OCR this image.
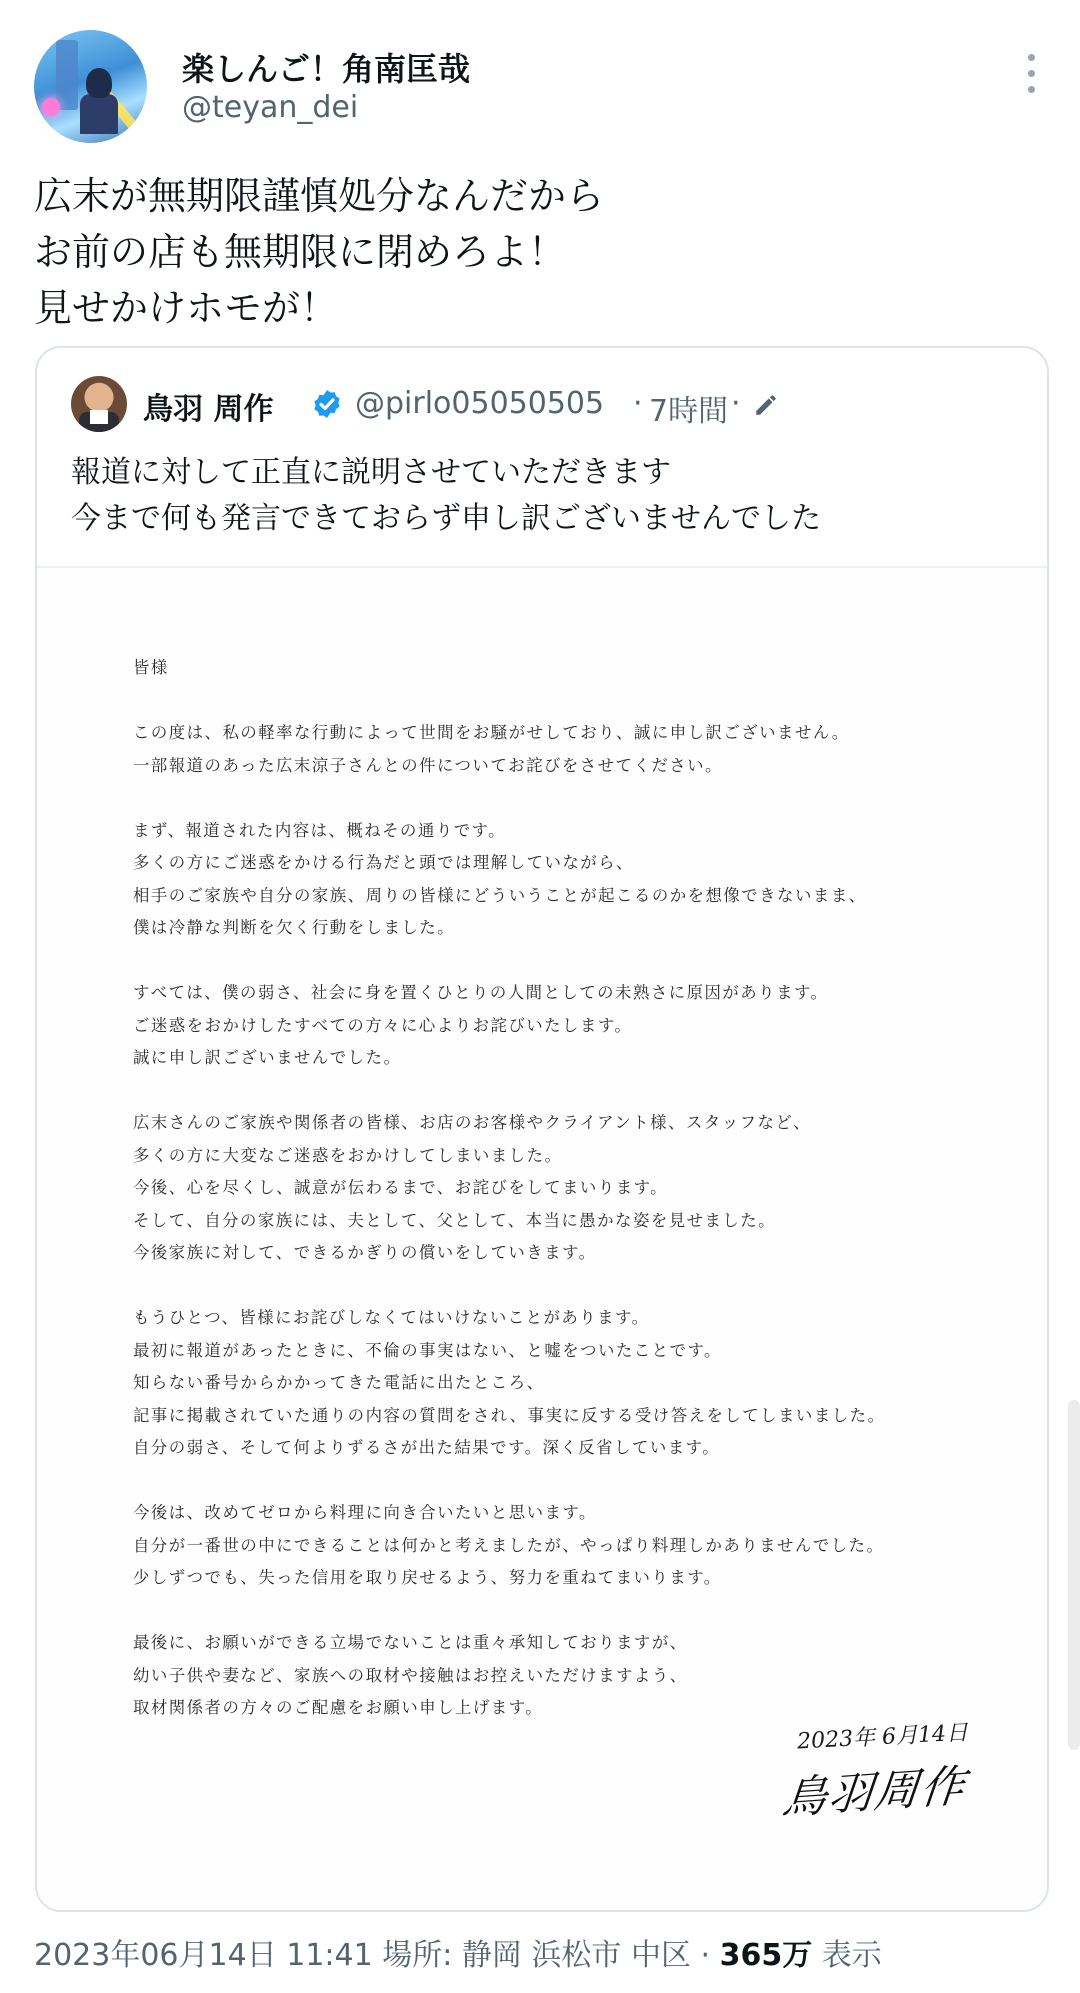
楽しんご！角南匡哉
@teyan_dei
広末が無期限謹慎処分なんだから
お前の店も無期限に閉めろよ！
見せかけホモが！
鳥羽 周作	@pirlo05050505 · 7時間 ·
報道に対して正直に説明させていただきます
今まで何も発言できておらず申し訳ございませんでした
皆様
この度は、私の軽率な行動によって世間をお騒がせしており、誠に申し訳ございません。
一部報道のあった広末涼子さんとの件についてお詫びをさせてください。
まず、報道された内容は、概ねその通りです。
多くの方にご迷惑をかける行為だと頭では理解していながら、
相手のご家族や自分の家族、周りの皆様にどういうことが起こるのかを想像できないまま、
僕は冷静な判断を欠く行動をしました。
すべては、僕の弱さ、社会に身を置くひとりの人間としての未熟さに原因があります。
ご迷惑をおかけしたすべての方々に心よりお詫びいたします。
誠に申し訳ございませんでした。
広末さんのご家族や関係者の皆様、お店のお客様やクライアント様、スタッフなど、
多くの方に大変なご迷惑をおかけしてしまいました。
今後、心を尽くし、誠意が伝わるまで、お詫びをしてまいります。
そして、自分の家族には、夫として、父として、本当に愚かな姿を見せました。
今後家族に対して、できるかぎりの償いをしていきます。
もうひとつ、皆様にお詫びしなくてはいけないことがあります。
最初に報道があったときに、不倫の事実はない、と嘘をついたことです。
知らない番号からかかってきた電話に出たところ、
記事に掲載されていた通りの内容の質問をされ、事実に反する受け答えをしてしまいました。
自分の弱さ、そして何よりずるさが出た結果です。深く反省しています。
今後は、改めてゼロから料理に向き合いたいと思います。
自分が一番世の中にできることは何かと考えましたが、やっぱり料理しかありませんでした。
少しずつでも、失った信用を取り戻せるよう、努力を重ねてまいります。
最後に、お願いができる立場でないことは重々承知しておりますが、
幼い子供や妻など、家族への取材や接触はお控えいただけますよう、
取材関係者の方々のご配慮をお願い申し上げます。
2023年 6月14日
鳥羽周作
2023年06月14日 11:41 場所: 静岡 浜松市 中区 · 365万 表示
